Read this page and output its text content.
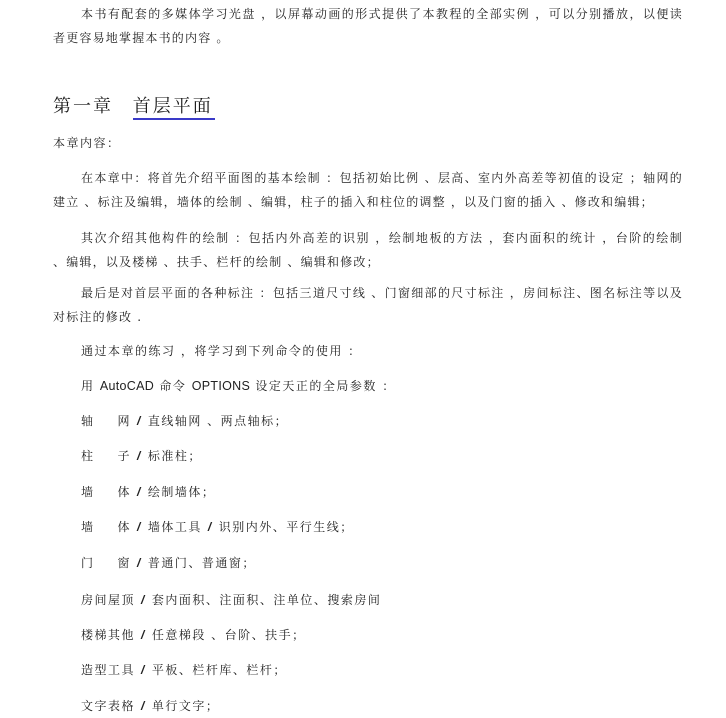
本书有配套的多媒体学习光盘 ，以屏幕动画的形式提供了本教程的全部实例 ，可以分别播放，以便读者更容易地掌握本书的内容 。

第一章 首层平面
本章内容：

在本章中：将首先介绍平面图的基本绘制 ：包括初始比例 、层高、室内外高差等初值的设定 ；轴网的建立 、标注及编辑，墙体的绘制 、编辑，柱子的插入和柱位的调整 ，以及门窗的插入 、修改和编辑；

其次介绍其他构件的绘制 ：包括内外高差的识别 ，绘制地板的方法 ，套内面积的统计 ，台阶的绘制 、编辑，以及楼梯 、扶手、栏杆的绘制 、编辑和修改；

最后是对首层平面的各种标注 ：包括三道尺寸线 、门窗细部的尺寸标注 ，房间标注、图名标注等以及对标注的修改 .

通过本章的练习 ，将学习到下列命令的使用 ：
用 AutoCAD 命令 OPTIONS 设定天正的全局参数 ：
轴 网 / 直线轴网 、两点轴标；
柱 子 / 标准柱；
墙 体 / 绘制墙体；
墙 体 / 墙体工具 / 识别内外、平行生线；
门 窗 / 普通门、普通窗；
房间屋顶 / 套内面积、注面积、注单位、搜索房间
楼梯其他 / 任意梯段 、台阶、扶手；
造型工具 / 平板、栏杆库、栏杆；
文字表格 / 单行文字；
